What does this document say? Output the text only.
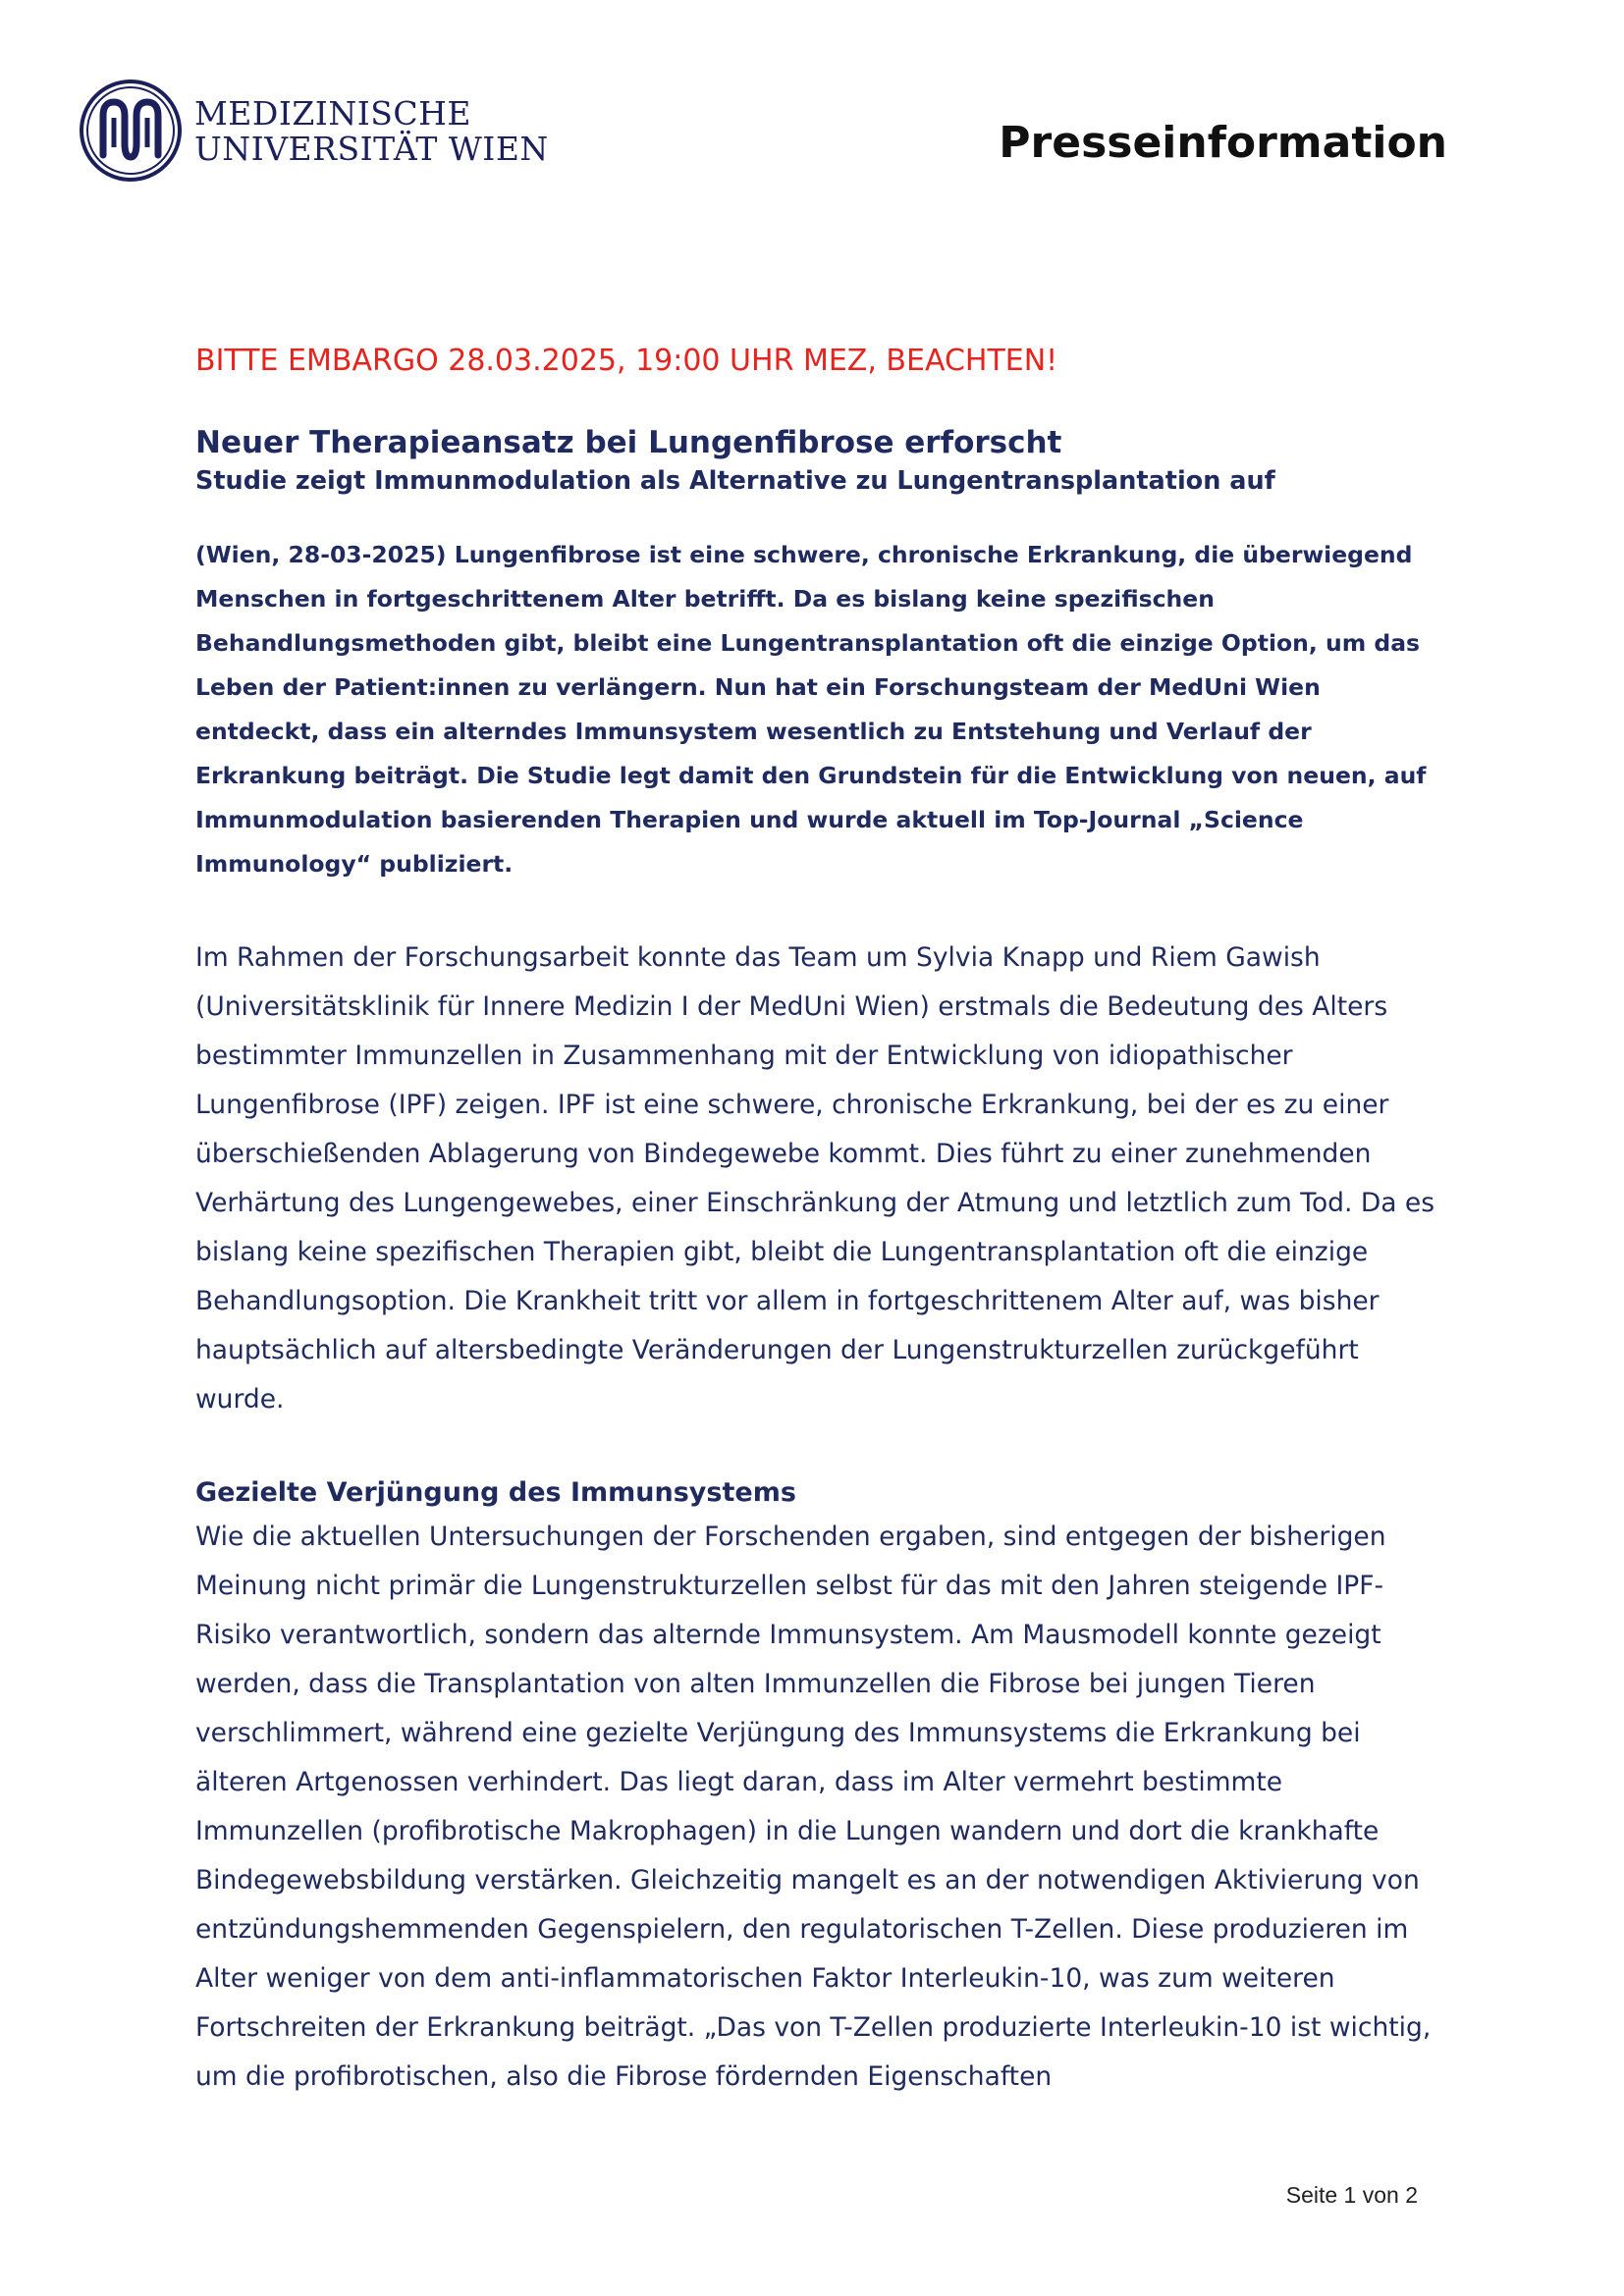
MEDIZINISCHE
UNIVERSITÄT WIEN	Presseinformation

BITTE EMBARGO 28.03.2025, 19:00 UHR MEZ, BEACHTEN!

Neuer Therapieansatz bei Lungenfibrose erforscht
Studie zeigt Immunmodulation als Alternative zu Lungentransplantation auf

(Wien, 28-03-2025) Lungenfibrose ist eine schwere, chronische Erkrankung, die überwiegend Menschen in fortgeschrittenem Alter betrifft. Da es bislang keine spezifischen Behandlungsmethoden gibt, bleibt eine Lungentransplantation oft die einzige Option, um das Leben der Patient:innen zu verlängern. Nun hat ein Forschungsteam der MedUni Wien entdeckt, dass ein alterndes Immunsystem wesentlich zu Entstehung und Verlauf der Erkrankung beiträgt. Die Studie legt damit den Grundstein für die Entwicklung von neuen, auf Immunmodulation basierenden Therapien und wurde aktuell im Top-Journal „Science Immunology“ publiziert.

Im Rahmen der Forschungsarbeit konnte das Team um Sylvia Knapp und Riem Gawish (Universitätsklinik für Innere Medizin I der MedUni Wien) erstmals die Bedeutung des Alters bestimmter Immunzellen in Zusammenhang mit der Entwicklung von idiopathischer Lungenfibrose (IPF) zeigen. IPF ist eine schwere, chronische Erkrankung, bei der es zu einer überschießenden Ablagerung von Bindegewebe kommt. Dies führt zu einer zunehmenden Verhärtung des Lungengewebes, einer Einschränkung der Atmung und letztlich zum Tod. Da es bislang keine spezifischen Therapien gibt, bleibt die Lungentransplantation oft die einzige Behandlungsoption. Die Krankheit tritt vor allem in fortgeschrittenem Alter auf, was bisher hauptsächlich auf altersbedingte Veränderungen der Lungenstrukturzellen zurückgeführt wurde.

Gezielte Verjüngung des Immunsystems

Wie die aktuellen Untersuchungen der Forschenden ergaben, sind entgegen der bisherigen Meinung nicht primär die Lungenstrukturzellen selbst für das mit den Jahren steigende IPF-Risiko verantwortlich, sondern das alternde Immunsystem. Am Mausmodell konnte gezeigt werden, dass die Transplantation von alten Immunzellen die Fibrose bei jungen Tieren verschlimmert, während eine gezielte Verjüngung des Immunsystems die Erkrankung bei älteren Artgenossen verhindert. Das liegt daran, dass im Alter vermehrt bestimmte Immunzellen (profibrotische Makrophagen) in die Lungen wandern und dort die krankhafte Bindegewebsbildung verstärken. Gleichzeitig mangelt es an der notwendigen Aktivierung von entzündungshemmenden Gegenspielern, den regulatorischen T-Zellen. Diese produzieren im Alter weniger von dem anti-inflammatorischen Faktor Interleukin-10, was zum weiteren Fortschreiten der Erkrankung beiträgt. „Das von T-Zellen produzierte Interleukin-10 ist wichtig, um die profibrotischen, also die Fibrose fördernden Eigenschaften

Seite 1 von 2
